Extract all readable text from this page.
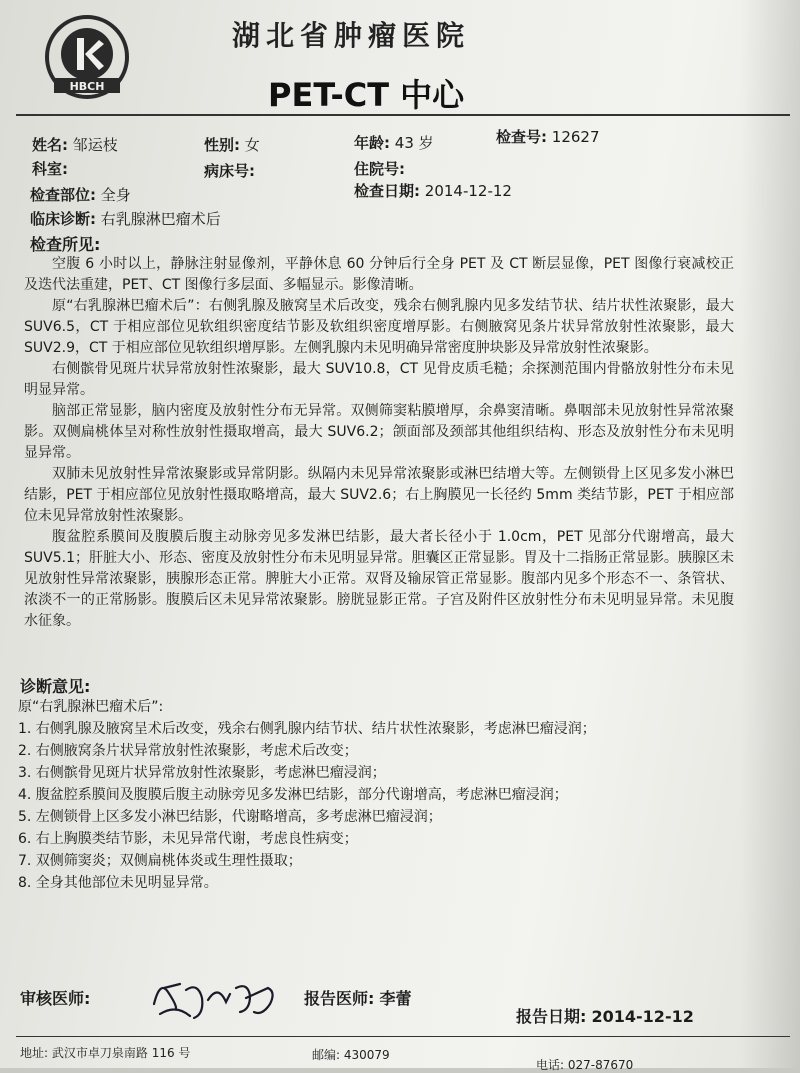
HBCH
湖北省肿瘤医院
PET-CT 中心
姓名: 邹运枝	性别: 女	年龄: 43 岁	检查号: 12627
科室:	病床号:	住院号:
检查部位: 全身	检查日期: 2014-12-12
临床诊断: 右乳腺淋巴瘤术后
检查所见:

空腹 6 小时以上，静脉注射显像剂，平静休息 60 分钟后行全身 PET 及 CT 断层显像，PET 图像行衰减校正及迭代法重建，PET、CT 图像行多层面、多幅显示。影像清晰。

原“右乳腺淋巴瘤术后”：右侧乳腺及腋窝呈术后改变，残余右侧乳腺内见多发结节状、结片状性浓聚影，最大 SUV6.5，CT 于相应部位见软组织密度结节影及软组织密度增厚影。右侧腋窝见条片状异常放射性浓聚影，最大 SUV2.9，CT 于相应部位见软组织增厚影。左侧乳腺内未见明确异常密度肿块影及异常放射性浓聚影。

右侧髌骨见斑片状异常放射性浓聚影，最大 SUV10.8，CT 见骨皮质毛糙；余探测范围内骨骼放射性分布未见明显异常。

脑部正常显影，脑内密度及放射性分布无异常。双侧筛窦粘膜增厚，余鼻窦清晰。鼻咽部未见放射性异常浓聚影。双侧扁桃体呈对称性放射性摄取增高，最大 SUV6.2；颌面部及颈部其他组织结构、形态及放射性分布未见明显异常。

双肺未见放射性异常浓聚影或异常阴影。纵隔内未见异常浓聚影或淋巴结增大等。左侧锁骨上区见多发小淋巴结影，PET 于相应部位见放射性摄取略增高，最大 SUV2.6；右上胸膜见一长径约 5mm 类结节影，PET 于相应部位未见异常放射性浓聚影。

腹盆腔系膜间及腹膜后腹主动脉旁见多发淋巴结影，最大者长径小于 1.0cm，PET 见部分代谢增高，最大 SUV5.1；肝脏大小、形态、密度及放射性分布未见明显异常。胆囊区正常显影。胃及十二指肠正常显影。胰腺区未见放射性异常浓聚影，胰腺形态正常。脾脏大小正常。双肾及输尿管正常显影。腹部内见多个形态不一、条管状、浓淡不一的正常肠影。腹膜后区未见异常浓聚影。膀胱显影正常。子宫及附件区放射性分布未见明显异常。未见腹水征象。

诊断意见:
原“右乳腺淋巴瘤术后”:
1. 右侧乳腺及腋窝呈术后改变，残余右侧乳腺内结节状、结片状性浓聚影，考虑淋巴瘤浸润；
2. 右侧腋窝条片状异常放射性浓聚影，考虑术后改变；
3. 右侧髌骨见斑片状异常放射性浓聚影，考虑淋巴瘤浸润；
4. 腹盆腔系膜间及腹膜后腹主动脉旁见多发淋巴结影，部分代谢增高，考虑淋巴瘤浸润；
5. 左侧锁骨上区多发小淋巴结影，代谢略增高，多考虑淋巴瘤浸润；
6. 右上胸膜类结节影，未见异常代谢，考虑良性病变；
7. 双侧筛窦炎；双侧扁桃体炎或生理性摄取；
8. 全身其他部位未见明显异常。
审核医师:	报告医师: 李蕾
报告日期: 2014-12-12
地址: 武汉市卓刀泉南路 116 号	邮编: 430079
电话: 027-87670
